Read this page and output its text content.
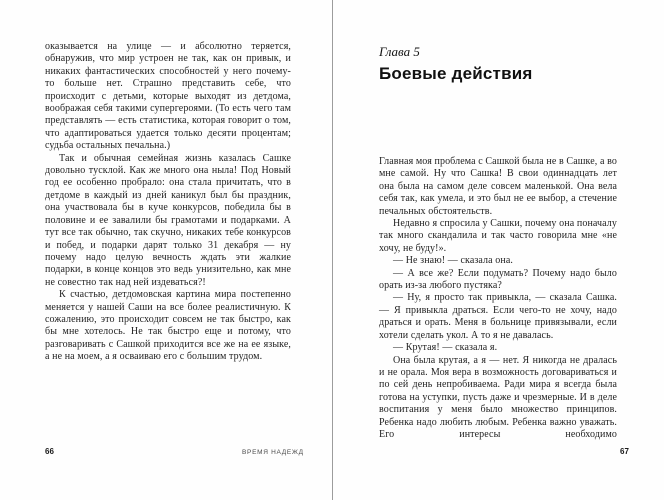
оказывается на улице — и абсолютно теряется, обнаружив, что мир устроен не так, как он привык, и никаких фантастических способностей у него почему-то больше нет. Страшно представить себе, что происходит с детьми, которые выходят из детдома, воображая себя такими супергероями. (То есть чего там представлять — есть статистика, которая говорит о том, что адаптироваться удается только десяти процентам; судьба остальных печальна.)

Так и обычная семейная жизнь казалась Сашке довольно тусклой. Как же много она ныла! Под Новый год ее особенно пробрало: она стала причитать, что в детдоме в каждый из дней каникул был бы праздник, она участвовала бы в куче конкурсов, победила бы в половине и ее завалили бы грамотами и подарками. А тут все так обычно, так скучно, никаких тебе конкурсов и побед, и подарки дарят только 31 декабря — ну почему надо целую вечность ждать эти жалкие подарки, в конце концов это ведь унизительно, как мне не совестно так над ней издеваться?!

К счастью, детдомовская картина мира постепенно меняется у нашей Саши на все более реалистичную. К сожалению, это происходит совсем не так быстро, как бы мне хотелось. Не так быстро еще и потому, что разговаривать с Сашкой приходится все же на ее языке, а не на моем, а я осваиваю его с большим трудом.

66	ВРЕМЯ НАДЕЖД
Глава 5
Боевые действия

Главная моя проблема с Сашкой была не в Сашке, а во мне самой. Ну что Сашка! В свои одиннадцать лет она была на самом деле совсем маленькой. Она вела себя так, как умела, и это был не ее выбор, а стечение печальных обстоятельств.

Недавно я спросила у Сашки, почему она поначалу так много скандалила и так часто говорила мне «не хочу, не буду!».

— Не знаю! — сказала она.

— А все же? Если подумать? Почему надо было орать из-за любого пустяка?

— Ну, я просто так привыкла, — сказала Сашка. — Я привыкла драться. Если чего-то не хочу, надо драться и орать. Меня в больнице привязывали, если хотели сделать укол. А то я не давалась.

— Крутая! — сказала я.

Она была крутая, а я — нет. Я никогда не дралась и не орала. Моя вера в возможность договариваться и по сей день непробиваема. Ради мира я всегда была готова на уступки, пусть даже и чрезмерные. И в деле воспитания у меня было множество принципов. Ребенка надо любить любым. Ребенка важно уважать. Его интересы необходимо

67
